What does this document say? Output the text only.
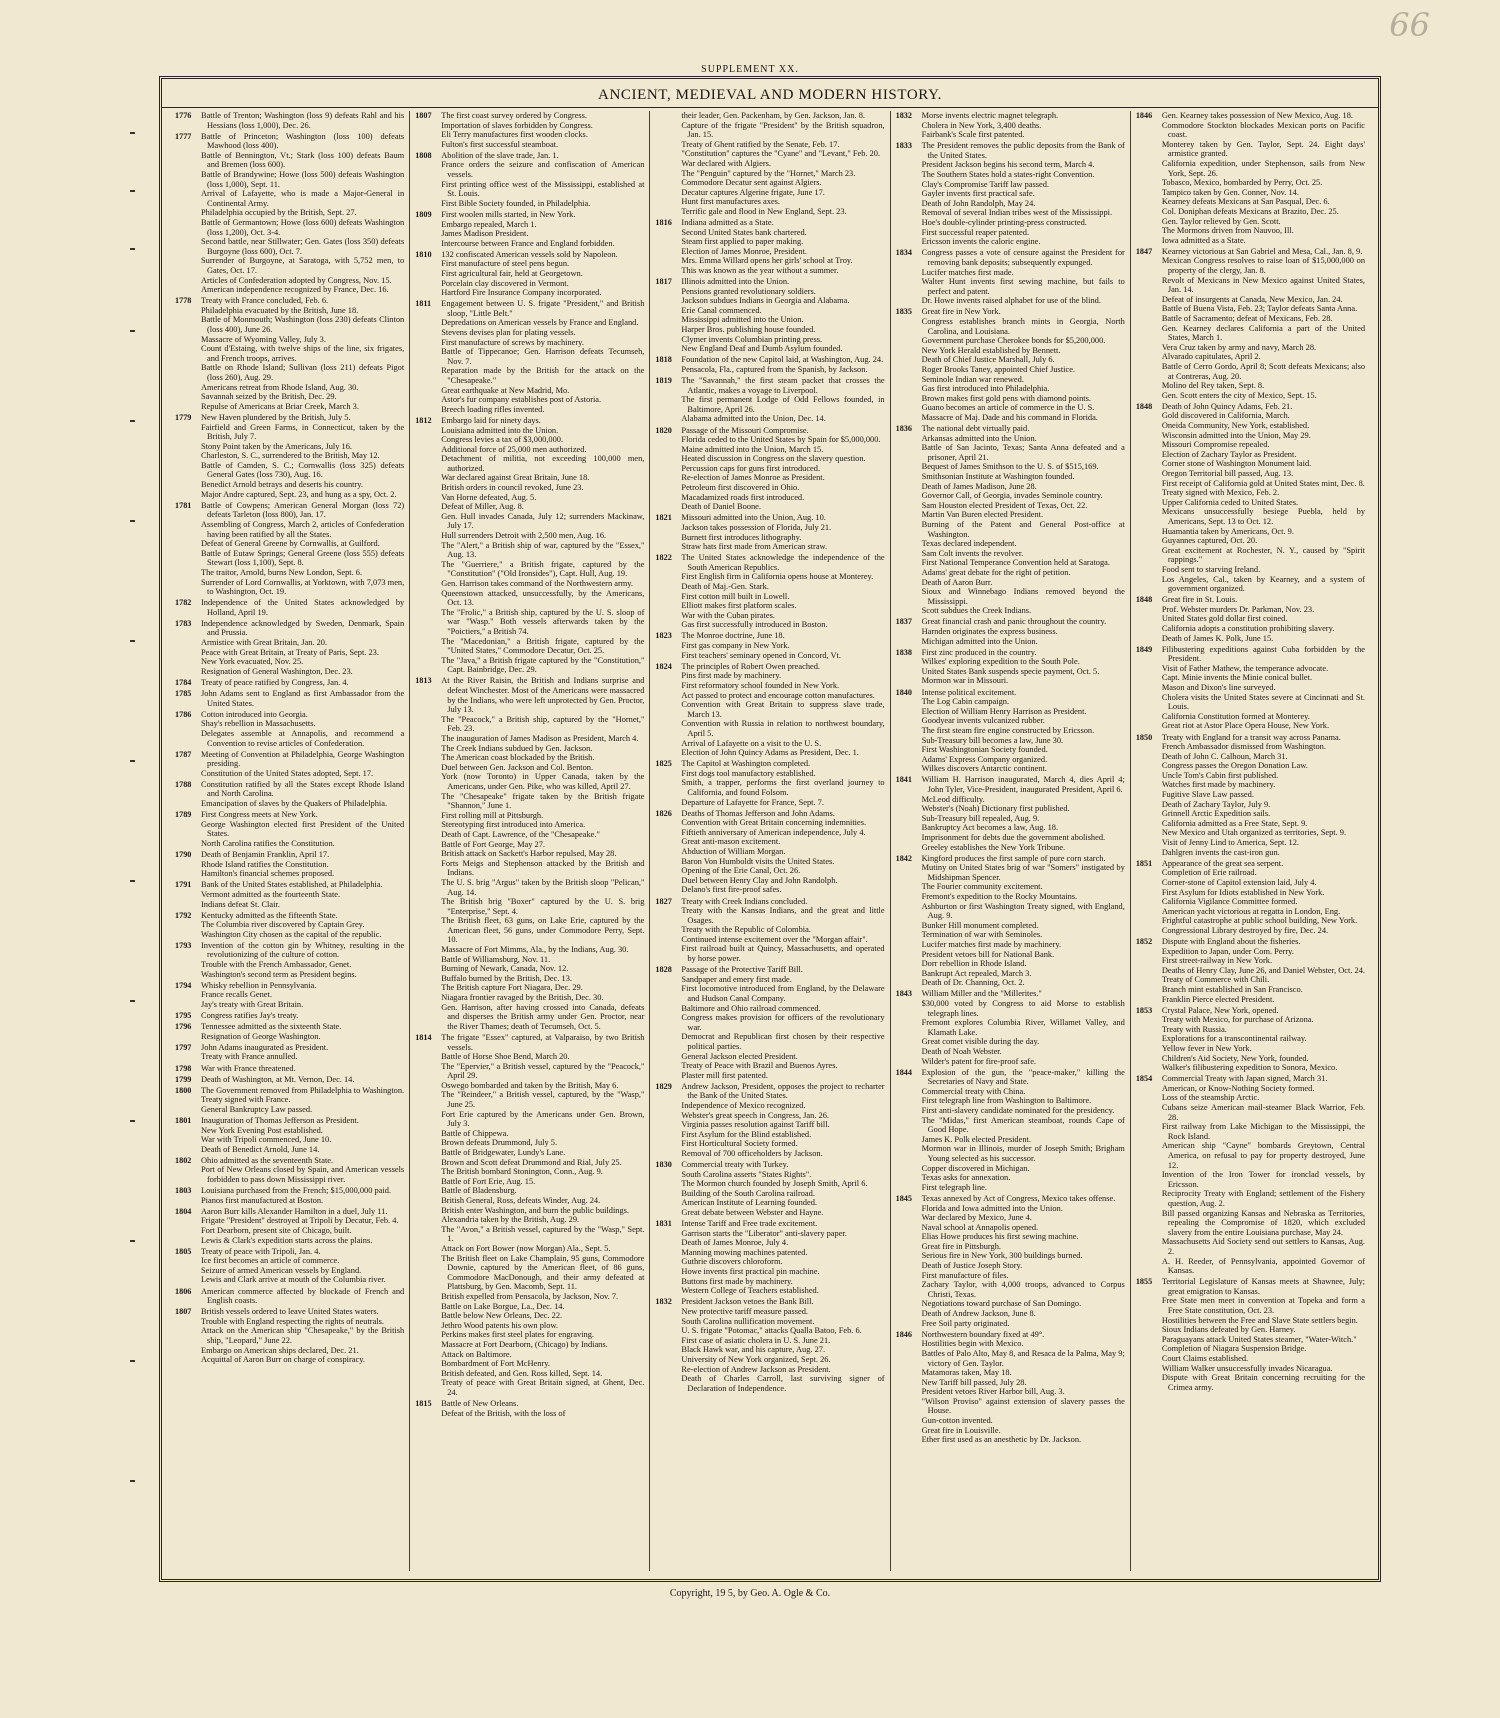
66
SUPPLEMENT XX.
ANCIENT, MEDIEVAL AND MODERN HISTORY.
1776	Battle of Trenton; Washington (loss 9) defeats Rahl and his Hessians (loss 1,000), Dec. 26.
1777	Battle of Princeton; Washington (loss 100) defeats Mawhood (loss 400).
Battle of Bennington, Vt.; Stark (loss 100) defeats Baum and Bremen (loss 600).
Battle of Brandywine; Howe (loss 500) defeats Washington (loss 1,000), Sept. 11.
Arrival of Lafayette, who is made a Major-General in Continental Army.
Philadelphia occupied by the British, Sept. 27.
Battle of Germantown; Howe (loss 600) defeats Washington (loss 1,200), Oct. 3-4.
Second battle, near Stillwater; Gen. Gates (loss 350) defeats Burgoyne (loss 600), Oct. 7.
Surrender of Burgoyne, at Saratoga, with 5,752 men, to Gates, Oct. 17.
Articles of Confederation adopted by Congress, Nov. 15.
American independence recognized by France, Dec. 16.
1778	Treaty with France concluded, Feb. 6.
Philadelphia evacuated by the British, June 18.
Battle of Monmouth; Washington (loss 230) defeats Clinton (loss 400), June 26.
Massacre of Wyoming Valley, July 3.
Count d'Estaing, with twelve ships of the line, six frigates, and French troops, arrives.
Battle on Rhode Island; Sullivan (loss 211) defeats Pigot (loss 260), Aug. 29.
Americans retreat from Rhode Island, Aug. 30.
Savannah seized by the British, Dec. 29.
Repulse of Americans at Briar Creek, March 3.
1779	New Haven plundered by the British, July 5.
Fairfield and Green Farms, in Connecticut, taken by the British, July 7.
Stony Point taken by the Americans, July 16.
Charleston, S. C., surrendered to the British, May 12.
Battle of Camden, S. C.; Cornwallis (loss 325) defeats General Gates (loss 730), Aug. 16.
Benedict Arnold betrays and deserts his country.
Major Andre captured, Sept. 23, and hung as a spy, Oct. 2.
1781	Battle of Cowpens; American General Morgan (loss 72) defeats Tarleton (loss 800), Jan. 17.
Assembling of Congress, March 2, articles of Confederation having been ratified by all the States.
Defeat of General Greene by Cornwallis, at Guilford.
Battle of Eutaw Springs; General Greene (loss 555) defeats Stewart (loss 1,100), Sept. 8.
The traitor, Arnold, burns New London, Sept. 6.
Surrender of Lord Cornwallis, at Yorktown, with 7,073 men, to Washington, Oct. 19.
1782	Independence of the United States acknowledged by Holland, April 19.
1783	Independence acknowledged by Sweden, Denmark, Spain and Prussia.
Armistice with Great Britain, Jan. 20.
Peace with Great Britain, at Treaty of Paris, Sept. 23.
New York evacuated, Nov. 25.
Resignation of General Washington, Dec. 23.
1784	Treaty of peace ratified by Congress, Jan. 4.
1785	John Adams sent to England as first Ambassador from the United States.
1786	Cotton introduced into Georgia.
Shay's rebellion in Massachusetts.
Delegates assemble at Annapolis, and recommend a Convention to revise articles of Confederation.
1787	Meeting of Convention at Philadelphia, George Washington presiding.
Constitution of the United States adopted, Sept. 17.
1788	Constitution ratified by all the States except Rhode Island and North Carolina.
Emancipation of slaves by the Quakers of Philadelphia.
1789	First Congress meets at New York.
George Washington elected first President of the United States.
North Carolina ratifies the Constitution.
1790	Death of Benjamin Franklin, April 17.
Rhode Island ratifies the Constitution.
Hamilton's financial schemes proposed.
1791	Bank of the United States established, at Philadelphia.
Vermont admitted as the fourteenth State.
Indians defeat St. Clair.
1792	Kentucky admitted as the fifteenth State.
The Columbia river discovered by Captain Grey.
Washington City chosen as the capital of the republic.
1793	Invention of the cotton gin by Whitney, resulting in the revolutionizing of the culture of cotton.
Trouble with the French Ambassador, Genet.
Washington's second term as President begins.
1794	Whisky rebellion in Pennsylvania.
France recalls Genet.
Jay's treaty with Great Britain.
1795	Congress ratifies Jay's treaty.
1796	Tennessee admitted as the sixteenth State.
Resignation of George Washington.
1797	John Adams inaugurated as President.
Treaty with France annulled.
1798	War with France threatened.
1799	Death of Washington, at Mt. Vernon, Dec. 14.
1800	The Government removed from Philadelphia to Washington.
Treaty signed with France.
General Bankruptcy Law passed.
1801	Inauguration of Thomas Jefferson as President.
New York Evening Post established.
War with Tripoli commenced, June 10.
Death of Benedict Arnold, June 14.
1802	Ohio admitted as the seventeenth State.
Port of New Orleans closed by Spain, and American vessels forbidden to pass down Mississippi river.
1803	Louisiana purchased from the French; $15,000,000 paid.
Pianos first manufactured at Boston.
1804	Aaron Burr kills Alexander Hamilton in a duel, July 11.
Frigate "President" destroyed at Tripoli by Decatur, Feb. 4.
Fort Dearborn, present site of Chicago, built.
Lewis & Clark's expedition starts across the plains.
1805	Treaty of peace with Tripoli, Jan. 4.
Ice first becomes an article of commerce.
Seizure of armed American vessels by England.
Lewis and Clark arrive at mouth of the Columbia river.
1806	American commerce affected by blockade of French and English coasts.
1807	British vessels ordered to leave United States waters.
Trouble with England respecting the rights of neutrals.
Attack on the American ship "Chesapeake," by the British ship, "Leopard," June 22.
Embargo on American ships declared, Dec. 21.
Acquittal of Aaron Burr on charge of conspiracy.
1807	The first coast survey ordered by Congress.
Importation of slaves forbidden by Congress.
Eli Terry manufactures first wooden clocks.
Fulton's first successful steamboat.
1808	Abolition of the slave trade, Jan. 1.
France orders the seizure and confiscation of American vessels.
First printing office west of the Mississippi, established at St. Louis.
First Bible Society founded, in Philadelphia.
1809	First woolen mills started, in New York.
Embargo repealed, March 1.
James Madison President.
Intercourse between France and England forbidden.
1810	132 confiscated American vessels sold by Napoleon.
First manufacture of steel pens begun.
First agricultural fair, held at Georgetown.
Porcelain clay discovered in Vermont.
Hartford Fire Insurance Company incorporated.
1811	Engagement between U. S. frigate "President," and British sloop, "Little Belt."
Depredations on American vessels by France and England.
Stevens devises plan for plating vessels.
First manufacture of screws by machinery.
Battle of Tippecanoe; Gen. Harrison defeats Tecumseh, Nov. 7.
Reparation made by the British for the attack on the "Chesapeake."
Great earthquake at New Madrid, Mo.
Astor's fur company establishes post of Astoria.
Breech loading rifles invented.
1812	Embargo laid for ninety days.
Louisiana admitted into the Union.
Congress levies a tax of $3,000,000.
Additional force of 25,000 men authorized.
Detachment of militia, not exceeding 100,000 men, authorized.
War declared against Great Britain, June 18.
British orders in council revoked, June 23.
Van Horne defeated, Aug. 5.
Defeat of Miller, Aug. 8.
Gen. Hull invades Canada, July 12; surrenders Mackinaw, July 17.
Hull surrenders Detroit with 2,500 men, Aug. 16.
The "Alert," a British ship of war, captured by the "Essex," Aug. 13.
The "Guerriere," a British frigate, captured by the "Constitution" ("Old Ironsides"), Capt. Hull, Aug. 19.
Gen. Harrison takes command of the Northwestern army.
Queenstown attacked, unsuccessfully, by the Americans, Oct. 13.
The "Frolic," a British ship, captured by the U. S. sloop of war "Wasp." Both vessels afterwards taken by the "Poictiers," a British 74.
The "Macedonian," a British frigate, captured by the "United States," Commodore Decatur, Oct. 25.
The "Java," a British frigate captured by the "Constitution," Capt. Bainbridge, Dec. 29.
1813	At the River Raisin, the British and Indians surprise and defeat Winchester. Most of the Americans were massacred by the Indians, who were left unprotected by Gen. Proctor, July 13.
The "Peacock," a British ship, captured by the "Hornet," Feb. 23.
The inauguration of James Madison as President, March 4.
The Creek Indians subdued by Gen. Jackson.
The American coast blockaded by the British.
Duel between Gen. Jackson and Col. Benton.
York (now Toronto) in Upper Canada, taken by the Americans, under Gen. Pike, who was killed, April 27.
The "Chesapeake" frigate taken by the British frigate "Shannon," June 1.
First rolling mill at Pittsburgh.
Stereotyping first introduced into America.
Death of Capt. Lawrence, of the "Chesapeake."
Battle of Fort George, May 27.
British attack on Sackett's Harbor repulsed, May 28.
Forts Meigs and Stephenson attacked by the British and Indians.
The U. S. brig "Argus" taken by the British sloop "Pelican," Aug. 14.
The British brig "Boxer" captured by the U. S. brig "Enterprise," Sept. 4.
The British fleet, 63 guns, on Lake Erie, captured by the American fleet, 56 guns, under Commodore Perry, Sept. 10.
Massacre of Fort Mimms, Ala., by the Indians, Aug. 30.
Battle of Williamsburg, Nov. 11.
Burning of Newark, Canada, Nov. 12.
Buffalo burned by the British, Dec. 13.
The British capture Fort Niagara, Dec. 29.
Niagara frontier ravaged by the British, Dec. 30.
Gen. Harrison, after having crossed into Canada, defeats and disperses the British army under Gen. Proctor, near the River Thames; death of Tecumseh, Oct. 5.
1814	The frigate "Essex" captured, at Valparaiso, by two British vessels.
Battle of Horse Shoe Bend, March 20.
The "Epervier," a British vessel, captured by the "Peacock," April 29.
Oswego bombarded and taken by the British, May 6.
The "Reindeer," a British vessel, captured, by the "Wasp," June 25.
Fort Erie captured by the Americans under Gen. Brown, July 3.
Battle of Chippewa.
Brown defeats Drummond, July 5.
Battle of Bridgewater, Lundy's Lane.
Brown and Scott defeat Drummond and Rial, July 25.
The British bombard Stonington, Conn., Aug. 9.
Battle of Fort Erie, Aug. 15.
Battle of Bladensburg.
British General, Ross, defeats Winder, Aug. 24.
British enter Washington, and burn the public buildings.
Alexandria taken by the British, Aug. 29.
The "Avon," a British vessel, captured by the "Wasp," Sept. 1.
Attack on Fort Bower (now Morgan) Ala., Sept. 5.
The British fleet on Lake Champlain, 95 guns, Commodore Downie, captured by the American fleet, of 86 guns, Commodore MacDonough, and their army defeated at Plattsburg, by Gen. Macomb, Sept. 11.
British expelled from Pensacola, by Jackson, Nov. 7.
Battle on Lake Borgue, La., Dec. 14.
Battle below New Orleans, Dec. 22.
Jethro Wood patents his own plow.
Perkins makes first steel plates for engraving.
Massacre at Fort Dearborn, (Chicago) by Indians.
Attack on Baltimore.
Bombardment of Fort McHenry.
British defeated, and Gen. Ross killed, Sept. 14.
Treaty of peace with Great Britain signed, at Ghent, Dec. 24.
1815	Battle of New Orleans.
Defeat of the British, with the loss of
their leader, Gen. Packenham, by Gen. Jackson, Jan. 8.
Capture of the frigate "President" by the British squadron, Jan. 15.
Treaty of Ghent ratified by the Senate, Feb. 17.
"Constitution" captures the "Cyane" and "Levant," Feb. 20.
War declared with Algiers.
The "Penguin" captured by the "Hornet," March 23.
Commodore Decatur sent against Algiers.
Decatur captures Algerine frigate, June 17.
Hunt first manufactures axes.
Terrific gale and flood in New England, Sept. 23.
1816	Indiana admitted as a State.
Second United States bank chartered.
Steam first applied to paper making.
Election of James Monroe, President.
Mrs. Emma Willard opens her girls' school at Troy.
This was known as the year without a summer.
1817	Illinois admitted into the Union.
Pensions granted revolutionary soldiers.
Jackson subdues Indians in Georgia and Alabama.
Erie Canal commenced.
Mississippi admitted into the Union.
Harper Bros. publishing house founded.
Clymer invents Columbian printing press.
New England Deaf and Dumb Asylum founded.
1818	Foundation of the new Capitol laid, at Washington, Aug. 24.
Pensacola, Fla., captured from the Spanish, by Jackson.
1819	The "Savannah," the first steam packet that crosses the Atlantic, makes a voyage to Liverpool.
The first permanent Lodge of Odd Fellows founded, in Baltimore, April 26.
Alabama admitted into the Union, Dec. 14.
1820	Passage of the Missouri Compromise.
Florida ceded to the United States by Spain for $5,000,000.
Maine admitted into the Union, March 15.
Heated discussion in Congress on the slavery question.
Percussion caps for guns first introduced.
Re-election of James Monroe as President.
Petroleum first discovered in Ohio.
Macadamized roads first introduced.
Death of Daniel Boone.
1821	Missouri admitted into the Union, Aug. 10.
Jackson takes possession of Florida, July 21.
Burnett first introduces lithography.
Straw hats first made from American straw.
1822	The United States acknowledge the independence of the South American Republics.
First English firm in California opens house at Monterey.
Death of Maj.-Gen. Stark.
First cotton mill built in Lowell.
Elliott makes first platform scales.
War with the Cuban pirates.
Gas first successfully introduced in Boston.
1823	The Monroe doctrine, June 18.
First gas company in New York.
First teachers' seminary opened in Concord, Vt.
1824	The principles of Robert Owen preached.
Pins first made by machinery.
First reformatory school founded in New York.
Act passed to protect and encourage cotton manufactures.
Convention with Great Britain to suppress slave trade, March 13.
Convention with Russia in relation to northwest boundary, April 5.
Arrival of Lafayette on a visit to the U. S.
Election of John Quincy Adams as President, Dec. 1.
1825	The Capitol at Washington completed.
First dogs tool manufactory established.
Smith, a trapper, performs the first overland journey to California, and found Folsom.
Departure of Lafayette for France, Sept. 7.
1826	Deaths of Thomas Jefferson and John Adams.
Convention with Great Britain concerning indemnities.
Fiftieth anniversary of American independence, July 4.
Great anti-mason excitement.
Abduction of William Morgan.
Baron Von Humboldt visits the United States.
Opening of the Erie Canal, Oct. 26.
Duel between Henry Clay and John Randolph.
Delano's first fire-proof safes.
1827	Treaty with Creek Indians concluded.
Treaty with the Kansas Indians, and the great and little Osages.
Treaty with the Republic of Colombia.
Continued intense excitement over the "Morgan affair".
First railroad built at Quincy, Massachusetts, and operated by horse power.
1828	Passage of the Protective Tariff Bill.
Sandpaper and emery first made.
First locomotive introduced from England, by the Delaware and Hudson Canal Company.
Baltimore and Ohio railroad commenced.
Congress makes provision for officers of the revolutionary war.
Democrat and Republican first chosen by their respective political parties.
General Jackson elected President.
Treaty of Peace with Brazil and Buenos Ayres.
Plaster mill first patented.
1829	Andrew Jackson, President, opposes the project to recharter the Bank of the United States.
Independence of Mexico recognized.
Webster's great speech in Congress, Jan. 26.
Virginia passes resolution against Tariff bill.
First Asylum for the Blind established.
First Horticultural Society formed.
Removal of 700 officeholders by Jackson.
1830	Commercial treaty with Turkey.
South Carolina asserts "States Rights".
The Mormon church founded by Joseph Smith, April 6.
Building of the South Carolina railroad.
American Institute of Learning founded.
Great debate between Webster and Hayne.
1831	Intense Tariff and Free trade excitement.
Garrison starts the "Liberator" anti-slavery paper.
Death of James Monroe, July 4.
Manning mowing machines patented.
Guthrie discovers chloroform.
Howe invents first practical pin machine.
Buttons first made by machinery.
Western College of Teachers established.
1832	President Jackson vetoes the Bank Bill.
New protective tariff measure passed.
South Carolina nullification movement.
U. S. frigate "Potomac," attacks Qualla Batoo, Feb. 6.
First case of asiatic cholera in U. S. June 21.
Black Hawk war, and his capture, Aug. 27.
University of New York organized, Sept. 26.
Re-election of Andrew Jackson as President.
Death of Charles Carroll, last surviving signer of Declaration of Independence.
1832	Morse invents electric magnet telegraph.
Cholera in New York, 3,400 deaths.
Fairbank's Scale first patented.
1833	The President removes the public deposits from the Bank of the United States.
President Jackson begins his second term, March 4.
The Southern States hold a states-right Convention.
Clay's Compromise Tariff law passed.
Gayler invents first practical safe.
Death of John Randolph, May 24.
Removal of several Indian tribes west of the Mississippi.
Hoe's double-cylinder printing-press constructed.
First successful reaper patented.
Ericsson invents the caloric engine.
1834	Congress passes a vote of censure against the President for removing bank deposits; subsequently expunged.
Lucifer matches first made.
Walter Hunt invents first sewing machine, but fails to perfect and patent.
Dr. Howe invents raised alphabet for use of the blind.
1835	Great fire in New York.
Congress establishes branch mints in Georgia, North Carolina, and Louisiana.
Government purchase Cherokee bonds for $5,200,000.
New York Herald established by Bennett.
Death of Chief Justice Marshall, July 6.
Roger Brooks Taney, appointed Chief Justice.
Seminole Indian war renewed.
Gas first introduced into Philadelphia.
Brown makes first gold pens with diamond points.
Guano becomes an article of commerce in the U. S.
Massacre of Maj. Dade and his command in Florida.
1836	The national debt virtually paid.
Arkansas admitted into the Union.
Battle of San Jacinto, Texas; Santa Anna defeated and a prisoner, April 21.
Bequest of James Smithson to the U. S. of $515,169.
Smithsonian Institute at Washington founded.
Death of James Madison, June 28.
Governor Call, of Georgia, invades Seminole country.
Sam Houston elected President of Texas, Oct. 22.
Martin Van Buren elected President.
Burning of the Patent and General Post-office at Washington.
Texas declared independent.
Sam Colt invents the revolver.
First National Temperance Convention held at Saratoga.
Adams' great debate for the right of petition.
Death of Aaron Burr.
Sioux and Winnebago Indians removed beyond the Mississippi.
Scott subdues the Creek Indians.
1837	Great financial crash and panic throughout the country.
Harnden originates the express business.
Michigan admitted into the Union.
1838	First zinc produced in the country.
Wilkes' exploring expedition to the South Pole.
United States Bank suspends specie payment, Oct. 5.
Mormon war in Missouri.
1840	Intense political excitement.
The Log Cabin campaign.
Election of William Henry Harrison as President.
Goodyear invents vulcanized rubber.
The first steam fire engine constructed by Ericsson.
Sub-Treasury bill becomes a law, June 30.
First Washingtonian Society founded.
Adams' Express Company organized.
Wilkes discovers Antarctic continent.
1841	William H. Harrison inaugurated, March 4, dies April 4; John Tyler, Vice-President, inaugurated President, April 6.
McLeod difficulty.
Webster's (Noah) Dictionary first published.
Sub-Treasury bill repealed, Aug. 9.
Bankruptcy Act becomes a law, Aug. 18.
Imprisonment for debts due the government abolished.
Greeley establishes the New York Tribune.
1842	Kingford produces the first sample of pure corn starch.
Mutiny on United States brig of war "Somers" instigated by Midshipman Spencer.
The Fourier community excitement.
Fremont's expedition to the Rocky Mountains.
Ashburton or first Washington Treaty signed, with England, Aug. 9.
Bunker Hill monument completed.
Termination of war with Seminoles.
Lucifer matches first made by machinery.
President vetoes bill for National Bank.
Dorr rebellion in Rhode Island.
Bankrupt Act repealed, March 3.
Death of Dr. Channing, Oct. 2.
1843	William Miller and the "Millerites."
$30,000 voted by Congress to aid Morse to establish telegraph lines.
Fremont explores Columbia River, Willamet Valley, and Klamath Lake.
Great comet visible during the day.
Death of Noah Webster.
Wilder's patent for fire-proof safe.
1844	Explosion of the gun, the "peace-maker," killing the Secretaries of Navy and State.
Commercial treaty with China.
First telegraph line from Washington to Baltimore.
First anti-slavery candidate nominated for the presidency.
The "Midas," first American steamboat, rounds Cape of Good Hope.
James K. Polk elected President.
Mormon war in Illinois, murder of Joseph Smith; Brigham Young selected as his successor.
Copper discovered in Michigan.
Texas asks for annexation.
First telegraph line.
1845	Texas annexed by Act of Congress, Mexico takes offense.
Florida and Iowa admitted into the Union.
War declared by Mexico, June 4.
Naval school at Annapolis opened.
Elias Howe produces his first sewing machine.
Great fire in Pittsburgh.
Serious fire in New York, 300 buildings burned.
Death of Justice Joseph Story.
First manufacture of files.
Zachary Taylor, with 4,000 troops, advanced to Corpus Christi, Texas.
Negotiations toward purchase of San Domingo.
Death of Andrew Jackson, June 8.
Free Soil party originated.
1846	Northwestern boundary fixed at 49°.
Hostilities begin with Mexico.
Battles of Palo Alto, May 8, and Resaca de la Palma, May 9; victory of Gen. Taylor.
Matamoras taken, May 18.
New Tariff bill passed, July 28.
President vetoes River Harbor bill, Aug. 3.
"Wilson Proviso" against extension of slavery passes the House.
Gun-cotton invented.
Great fire in Louisville.
Ether first used as an anesthetic by Dr. Jackson.
1846	Gen. Kearney takes possession of New Mexico, Aug. 18.
Commodore Stockton blockades Mexican ports on Pacific coast.
Monterey taken by Gen. Taylor, Sept. 24. Eight days' armistice granted.
California expedition, under Stephenson, sails from New York, Sept. 26.
Tobasco, Mexico, bombarded by Perry, Oct. 25.
Tampico taken by Gen. Conner, Nov. 14.
Kearney defeats Mexicans at San Pasqual, Dec. 6.
Col. Doniphan defeats Mexicans at Brazito, Dec. 25.
Gen. Taylor relieved by Gen. Scott.
The Mormons driven from Nauvoo, Ill.
Iowa admitted as a State.
1847	Kearney victorious at San Gabriel and Mesa, Cal., Jan. 8, 9.
Mexican Congress resolves to raise loan of $15,000,000 on property of the clergy, Jan. 8.
Revolt of Mexicans in New Mexico against United States, Jan. 14.
Defeat of insurgents at Canada, New Mexico, Jan. 24.
Battle of Buena Vista, Feb. 23; Taylor defeats Santa Anna.
Battle of Sacramento; defeat of Mexicans, Feb. 28.
Gen. Kearney declares California a part of the United States, March 1.
Vera Cruz taken by army and navy, March 28.
Alvarado capitulates, April 2.
Battle of Cerro Gordo, April 8; Scott defeats Mexicans; also at Contreras, Aug. 20.
Molino del Rey taken, Sept. 8.
Gen. Scott enters the city of Mexico, Sept. 15.
1848	Death of John Quincy Adams, Feb. 21.
Gold discovered in California, March.
Oneida Community, New York, established.
Wisconsin admitted into the Union, May 29.
Missouri Compromise repealed.
Election of Zachary Taylor as President.
Corner stone of Washington Monument laid.
Oregon Territorial bill passed, Aug. 13.
First receipt of California gold at United States mint, Dec. 8.
Treaty signed with Mexico, Feb. 2.
Upper California ceded to United States.
Mexicans unsuccessfully besiege Puebla, held by Americans, Sept. 13 to Oct. 12.
Huamantia taken by Americans, Oct. 9.
Guyannes captured, Oct. 20.
Great excitement at Rochester, N. Y., caused by "Spirit rappings."
Food sent to starving Ireland.
Los Angeles, Cal., taken by Kearney, and a system of government organized.
1848	Great fire in St. Louis.
Prof. Webster murders Dr. Parkman, Nov. 23.
United States gold dollar first coined.
California adopts a constitution prohibiting slavery.
Death of James K. Polk, June 15.
1849	Filibustering expeditions against Cuba forbidden by the President.
Visit of Father Mathew, the temperance advocate.
Capt. Minie invents the Minie conical bullet.
Mason and Dixon's line surveyed.
Cholera visits the United States severe at Cincinnati and St. Louis.
California Constitution formed at Monterey.
Great riot at Astor Place Opera House, New York.
1850	Treaty with England for a transit way across Panama.
French Ambassador dismissed from Washington.
Death of John C. Calhoun, March 31.
Congress passes the Oregon Donation Law.
Uncle Tom's Cabin first published.
Watches first made by machinery.
Fugitive Slave Law passed.
Death of Zachary Taylor, July 9.
Grinnell Arctic Expedition sails.
California admitted as a Free State, Sept. 9.
New Mexico and Utah organized as territories, Sept. 9.
Visit of Jenny Lind to America, Sept. 12.
Dahlgren invents the cast-iron gun.
1851	Appearance of the great sea serpent.
Completion of Erie railroad.
Corner-stone of Capitol extension laid, July 4.
First Asylum for Idiots established in New York.
California Vigilance Committee formed.
American yacht victorious at regatta in London, Eng.
Frightful catastrophe at public school building, New York.
Congressional Library destroyed by fire, Dec. 24.
1852	Dispute with England about the fisheries.
Expedition to Japan, under Com. Perry.
First street-railway in New York.
Deaths of Henry Clay, June 26, and Daniel Webster, Oct. 24.
Treaty of Commerce with Chili.
Branch mint established in San Francisco.
Franklin Pierce elected President.
1853	Crystal Palace, New York, opened.
Treaty with Mexico, for purchase of Arizona.
Treaty with Russia.
Explorations for a transcontinental railway.
Yellow fever in New York.
Children's Aid Society, New York, founded.
Walker's filibustering expedition to Sonora, Mexico.
1854	Commercial Treaty with Japan signed, March 31.
American, or Know-Nothing Society formed.
Loss of the steamship Arctic.
Cubans seize American mail-steamer Black Warrior, Feb. 28.
First railway from Lake Michigan to the Mississippi, the Rock Island.
American ship "Cayne" bombards Greytown, Central America, on refusal to pay for property destroyed, June 12.
Invention of the Iron Tower for ironclad vessels, by Ericsson.
Reciprocity Treaty with England; settlement of the Fishery question, Aug. 2.
Bill passed organizing Kansas and Nebraska as Territories, repealing the Compromise of 1820, which excluded slavery from the entire Louisiana purchase, May 24.
Massachusetts Aid Society send out settlers to Kansas, Aug. 2.
A. H. Reeder, of Pennsylvania, appointed Governor of Kansas.
1855	Territorial Legislature of Kansas meets at Shawnee, July; great emigration to Kansas.
Free State men meet in convention at Topeka and form a Free State constitution, Oct. 23.
Hostilities between the Free and Slave State settlers begin.
Sioux Indians defeated by Gen. Harney.
Paraguayans attack United States steamer, "Water-Witch."
Completion of Niagara Suspension Bridge.
Court Claims established.
William Walker unsuccessfully invades Nicaragua.
Dispute with Great Britain concerning recruiting for the Crimea army.
Copyright, 19 5, by Geo. A. Ogle & Co.
